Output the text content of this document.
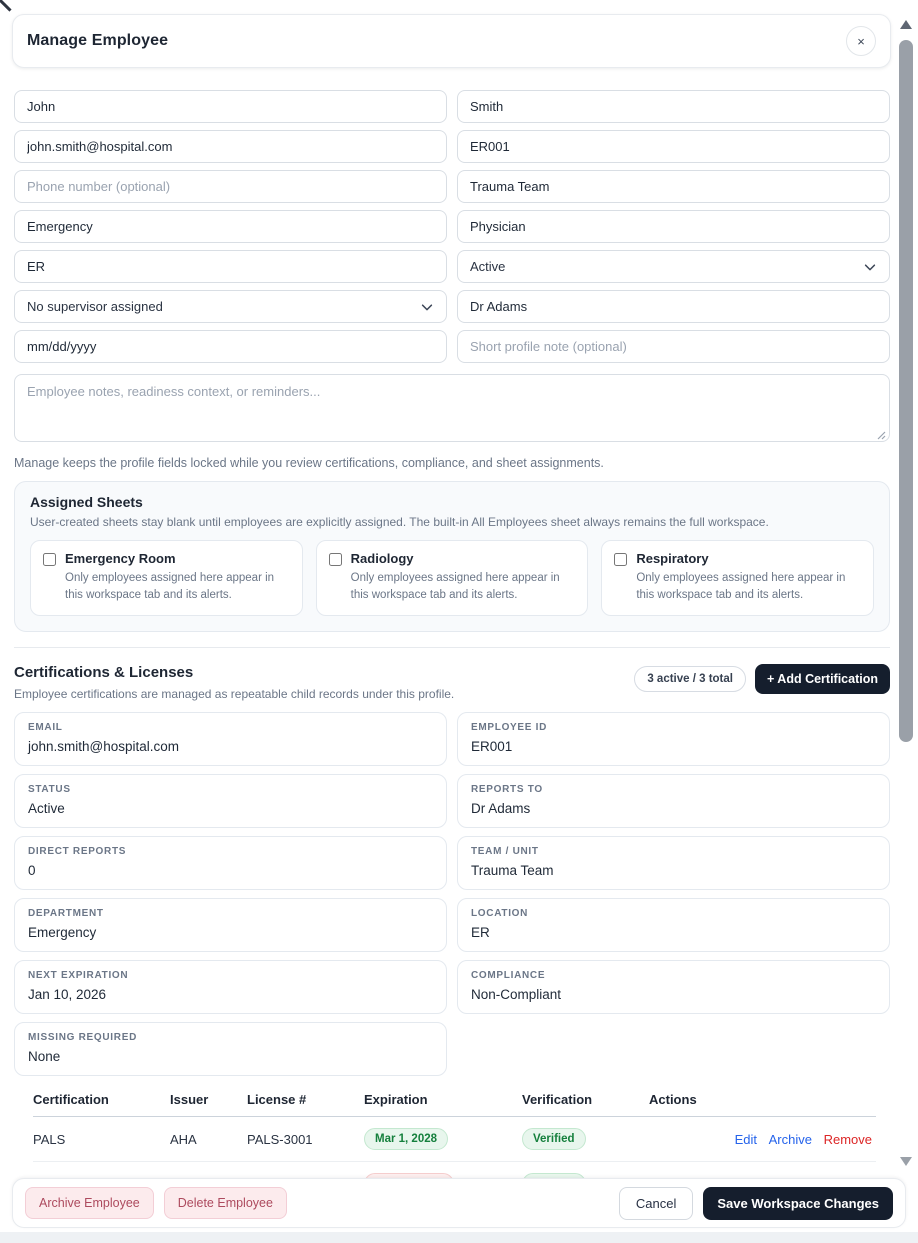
Manage Employee	×
John
Smith
john.smith@hospital.com
ER001
Phone number (optional)
Trauma Team
Emergency
Physician
ER
Active
No supervisor assigned
Dr Adams
mm/dd/yyyy
Short profile note (optional)
Employee notes, readiness context, or reminders...
Manage keeps the profile fields locked while you review certifications, compliance, and sheet assignments.
Assigned Sheets
User-created sheets stay blank until employees are explicitly assigned. The built-in All Employees sheet always remains the full workspace.
Emergency Room
Only employees assigned here appear in this workspace tab and its alerts.
Radiology
Only employees assigned here appear in this workspace tab and its alerts.
Respiratory
Only employees assigned here appear in this workspace tab and its alerts.
Certifications & Licenses
Employee certifications are managed as repeatable child records under this profile.
3 active / 3 total	+ Add Certification
EMAIL
john.smith@hospital.com
EMPLOYEE ID
ER001
STATUS
Active
REPORTS TO
Dr Adams
DIRECT REPORTS
0
TEAM / UNIT
Trauma Team
DEPARTMENT
Emergency
LOCATION
ER
NEXT EXPIRATION
Jan 10, 2026
COMPLIANCE
Non-Compliant
MISSING REQUIRED
None
Certification	Issuer	License #	Expiration	Verification	Actions
PALS	AHA	PALS-3001	Mar 1, 2028	Verified	Edit Archive Remove

Archive Employee	Delete Employee	Cancel	Save Workspace Changes
